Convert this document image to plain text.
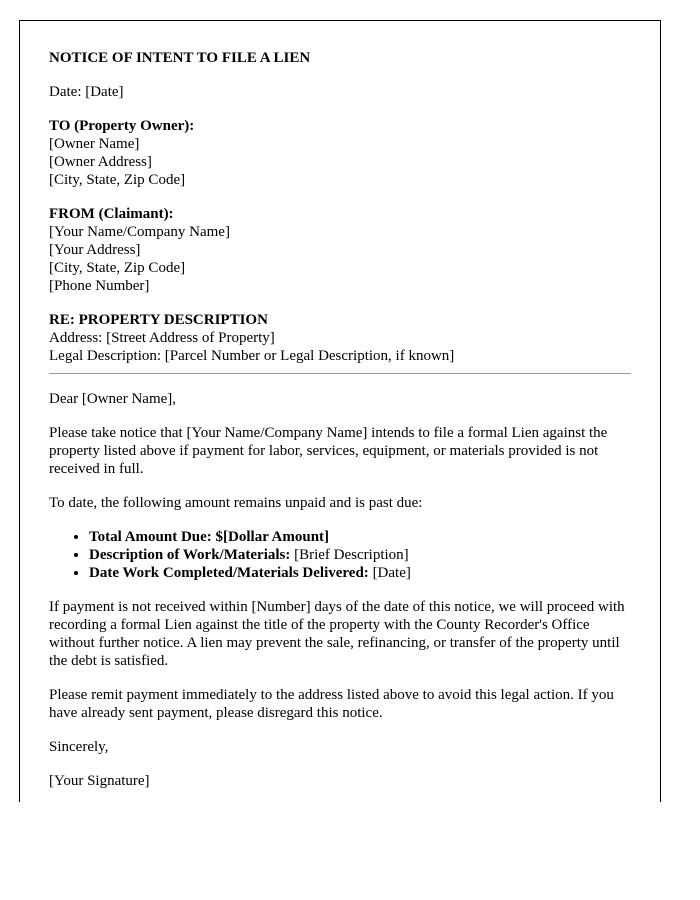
NOTICE OF INTENT TO FILE A LIEN

Date: [Date]

TO (Property Owner):
[Owner Name]
[Owner Address]
[City, State, Zip Code]
FROM (Claimant):
[Your Name/Company Name]
[Your Address]
[City, State, Zip Code]
[Phone Number]
RE: PROPERTY DESCRIPTION
Address: [Street Address of Property]
Legal Description: [Parcel Number or Legal Description, if known]

Dear [Owner Name],

Please take notice that [Your Name/Company Name] intends to file a formal Lien against the property listed above if payment for labor, services, equipment, or materials provided is not received in full.

To date, the following amount remains unpaid and is past due:

• Total Amount Due: $[Dollar Amount]
• Description of Work/Materials: [Brief Description]
• Date Work Completed/Materials Delivered: [Date]

If payment is not received within [Number] days of the date of this notice, we will proceed with recording a formal Lien against the title of the property with the County Recorder's Office without further notice. A lien may prevent the sale, refinancing, or transfer of the property until the debt is satisfied.

Please remit payment immediately to the address listed above to avoid this legal action. If you have already sent payment, please disregard this notice.

Sincerely,

[Your Signature]
